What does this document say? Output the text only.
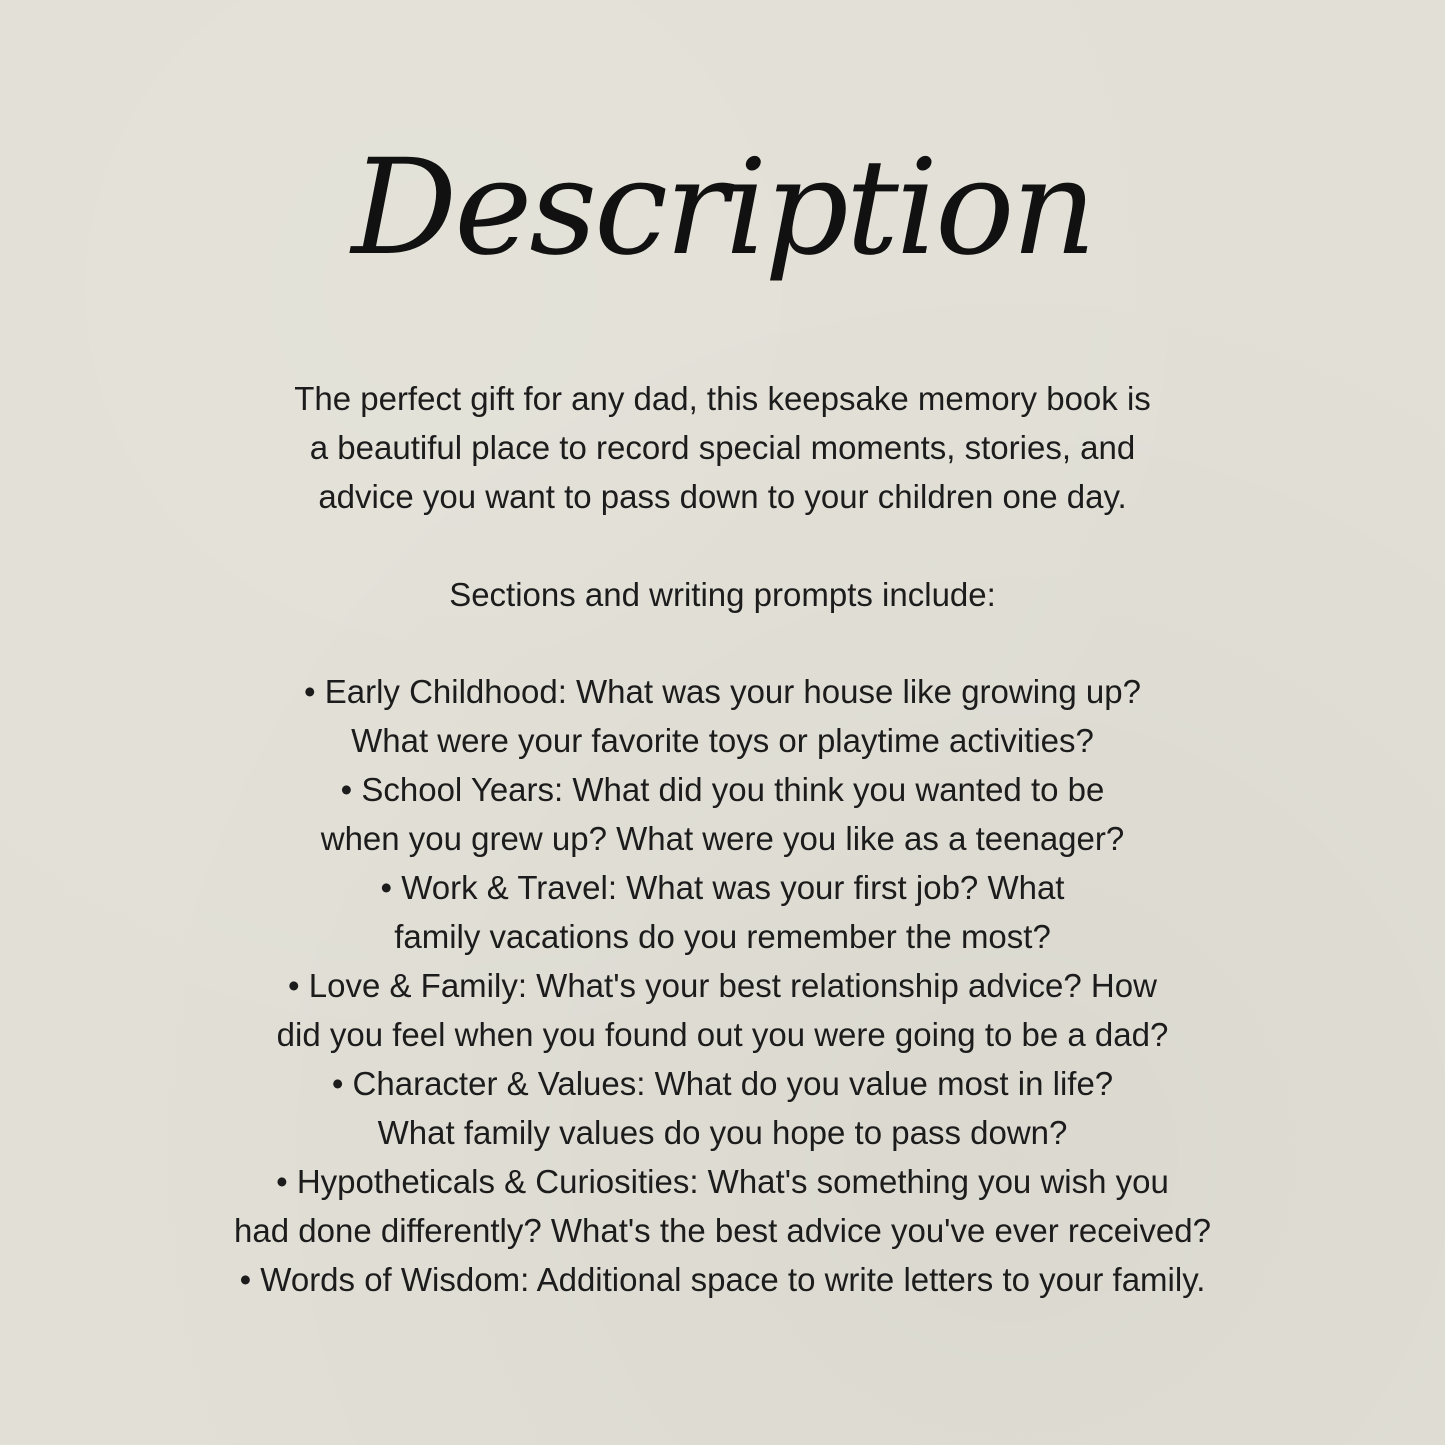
Description

The perfect gift for any dad, this keepsake memory book is
a beautiful place to record special moments, stories, and
advice you want to pass down to your children one day.

Sections and writing prompts include:

• Early Childhood: What was your house like growing up?
What were your favorite toys or playtime activities?
• School Years: What did you think you wanted to be
when you grew up? What were you like as a teenager?
• Work & Travel: What was your first job? What
family vacations do you remember the most?
• Love & Family: What's your best relationship advice? How
did you feel when you found out you were going to be a dad?
• Character & Values: What do you value most in life?
What family values do you hope to pass down?
• Hypotheticals & Curiosities: What's something you wish you
had done differently? What's the best advice you've ever received?
• Words of Wisdom: Additional space to write letters to your family.
